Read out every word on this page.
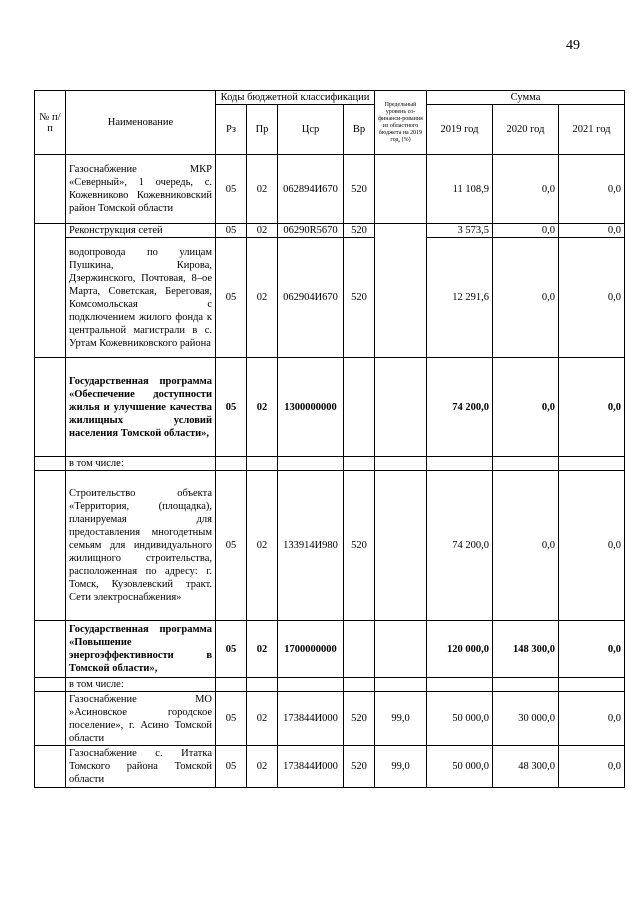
49
№ п/п	Наименование	Коды бюджетной классификации				Предельный уровень со-финанси-рования из областного бюджета на 2019 год, (%)	Сумма		
		Рз	Пр	Цср	Вр		2019 год	2020 год	2021 год
	Газоснабжение МКР «Северный», 1 очередь, с. Кожевниково Кожевниковский район Томской области	05	02	062894И670	520		11 108,9	0,0	0,0
	Реконструкция сетей	05	02	06290R5670	520		3 573,5	0,0	0,0
	водопровода по улицам Пушкина, Кирова, Дзержинского, Почтовая, 8–ое Марта, Советская, Береговая, Комсомольская с подключением жилого фонда к центральной магистрали в с. Уртам Кожевниковского района	05	02	062904И670	520		12 291,6	0,0	0,0
	Государственная программа «Обеспечение доступности жилья и улучшение качества жилищных условий населения Томской области»,	05	02	1300000000			74 200,0	0,0	0,0
	в том числе:								
	Строительство объекта «Территория, (площадка), планируемая для предоставления многодетным семьям для индивидуального жилищного строительства, расположенная по адресу: г. Томск, Кузовлевский тракт. Сети электроснабжения»	05	02	133914И980	520		74 200,0	0,0	0,0
	Государственная программа «Повышение энергоэффективности в Томской области»,	05	02	1700000000			120 000,0	148 300,0	0,0
	в том числе:								
	Газоснабжение МО »Асиновское городское поселение», г. Асино Томской области	05	02	173844И000	520	99,0	50 000,0	30 000,0	0,0
	Газоснабжение с. Итатка Томского района Томской области	05	02	173844И000	520	99,0	50 000,0	48 300,0	0,0
